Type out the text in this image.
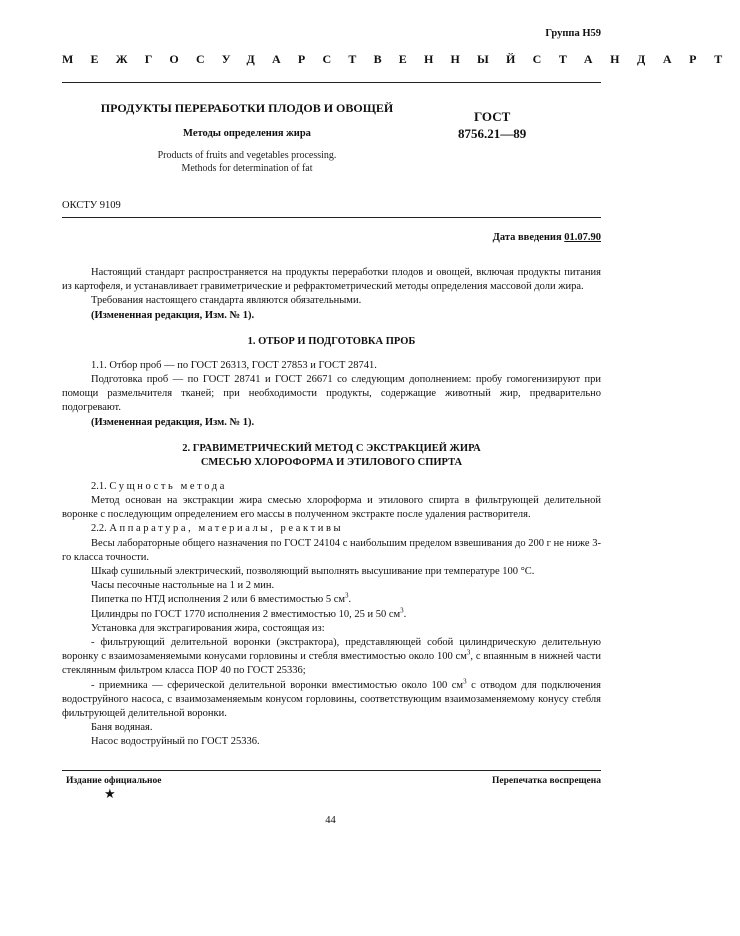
Группа Н59
МЕЖГОСУДАРСТВЕННЫЙ СТАНДАРТ
ПРОДУКТЫ ПЕРЕРАБОТКИ ПЛОДОВ И ОВОЩЕЙ
Методы определения жира
Products of fruits and vegetables processing.
Methods for determination of fat
ГОСТ
8756.21—89
ОКСТУ 9109
Дата введения 01.07.90

Настоящий стандарт распространяется на продукты переработки плодов и овощей, включая продукты питания из картофеля, и устанавливает гравиметрические и рефрактометрический методы определения массовой доли жира.

Требования настоящего стандарта являются обязательными.

(Измененная редакция, Изм. № 1).

1. ОТБОР И ПОДГОТОВКА ПРОБ

1.1. Отбор проб — по ГОСТ 26313, ГОСТ 27853 и ГОСТ 28741.

Подготовка проб — по ГОСТ 28741 и ГОСТ 26671 со следующим дополнением: пробу гомогенизируют при помощи размельчителя тканей; при необходимости продукты, содержащие животный жир, предварительно подогревают.

(Измененная редакция, Изм. № 1).

2. ГРАВИМЕТРИЧЕСКИЙ МЕТОД С ЭКСТРАКЦИЕЙ ЖИРА
СМЕСЬЮ ХЛОРОФОРМА И ЭТИЛОВОГО СПИРТА

2.1. Сущность метода

Метод основан на экстракции жира смесью хлороформа и этилового спирта в фильтрующей делительной воронке с последующим определением его массы в полученном экстракте после удаления растворителя.

2.2. Аппаратура, материалы, реактивы

Весы лабораторные общего назначения по ГОСТ 24104 с наибольшим пределом взвешивания до 200 г не ниже 3-го класса точности.

Шкаф сушильный электрический, позволяющий выполнять высушивание при температуре 100 °С.

Часы песочные настольные на 1 и 2 мин.

Пипетка по НТД исполнения 2 или 6 вместимостью 5 $см^3$.

Цилиндры по ГОСТ 1770 исполнения 2 вместимостью 10, 25 и 50 $см^3$.

Установка для экстрагирования жира, состоящая из:

- фильтрующий делительной воронки (экстрактора), представляющей собой цилиндрическую делительную воронку с взаимозаменяемыми конусами горловины и стебля вместимостью около 100 $см^3$, с впаянным в нижней части стеклянным фильтром класса ПОР 40 по ГОСТ 25336;

- приемника — сферической делительной воронки вместимостью около 100 $см^3$ с отводом для подключения водоструйного насоса, с взаимозаменяемым конусом горловины, соответствующим взаимозаменяемому конусу стебля фильтрующей делительной воронки.

Баня водяная.

Насос водоструйный по ГОСТ 25336.

Издание официальное
★
Перепечатка воспрещена
44
